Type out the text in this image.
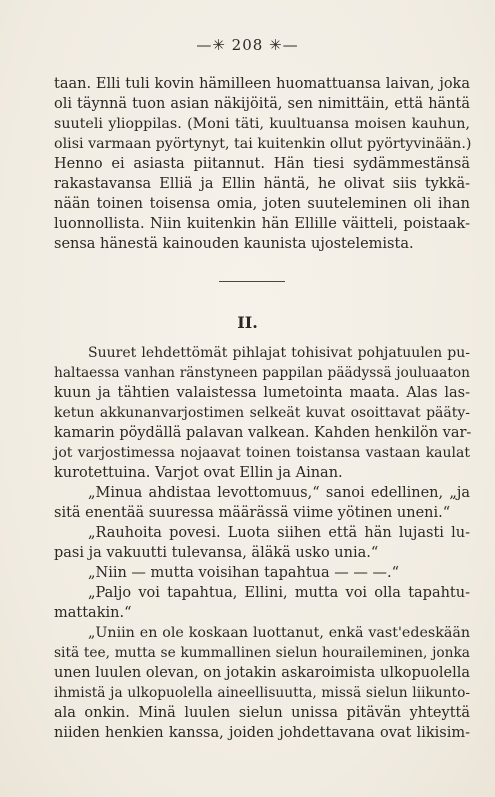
—✳ 208 ✳—
taan. Elli tuli kovin hämilleen huomattuansa laivan, joka
oli täynnä tuon asian näkijöitä, sen nimittäin, että häntä
suuteli ylioppilas. (Moni täti, kuultuansa moisen kauhun,
olisi varmaan pyörtynyt, tai kuitenkin ollut pyörtyvinään.)
Henno ei asiasta piitannut. Hän tiesi sydämmestänsä
rakastavansa Elliä ja Ellin häntä, he olivat siis tykkä-
nään toinen toisensa omia, joten suuteleminen oli ihan
luonnollista. Niin kuitenkin hän Ellille väitteli, poistaak-
sensa hänestä kainouden kaunista ujostelemista.
II.
Suuret lehdettömät pihlajat tohisivat pohjatuulen pu-
haltaessa vanhan ränstyneen pappilan päädyssä jouluaaton
kuun ja tähtien valaistessa lumetointa maata. Alas las-
ketun akkunanvarjostimen selkeät kuvat osoittavat pääty-
kamarin pöydällä palavan valkean. Kahden henkilön var-
jot varjostimessa nojaavat toinen toistansa vastaan kaulat
kurotettuina. Varjot ovat Ellin ja Ainan.
„Minua ahdistaa levottomuus,“ sanoi edellinen, „ja
sitä enentää suuressa määrässä viime yötinen uneni.“
„Rauhoita povesi. Luota siihen että hän lujasti lu-
pasi ja vakuutti tulevansa, äläkä usko unia.“
„Niin — mutta voisihan tapahtua — — —.“
„Paljo voi tapahtua, Ellini, mutta voi olla tapahtu-
mattakin.“
„Uniin en ole koskaan luottanut, enkä vast'edeskään
sitä tee, mutta se kummallinen sielun houraileminen, jonka
unen luulen olevan, on jotakin askaroimista ulkopuolella
ihmistä ja ulkopuolella aineellisuutta, missä sielun liikunto-
ala onkin. Minä luulen sielun unissa pitävän yhteyttä
niiden henkien kanssa, joiden johdettavana ovat likisim-
